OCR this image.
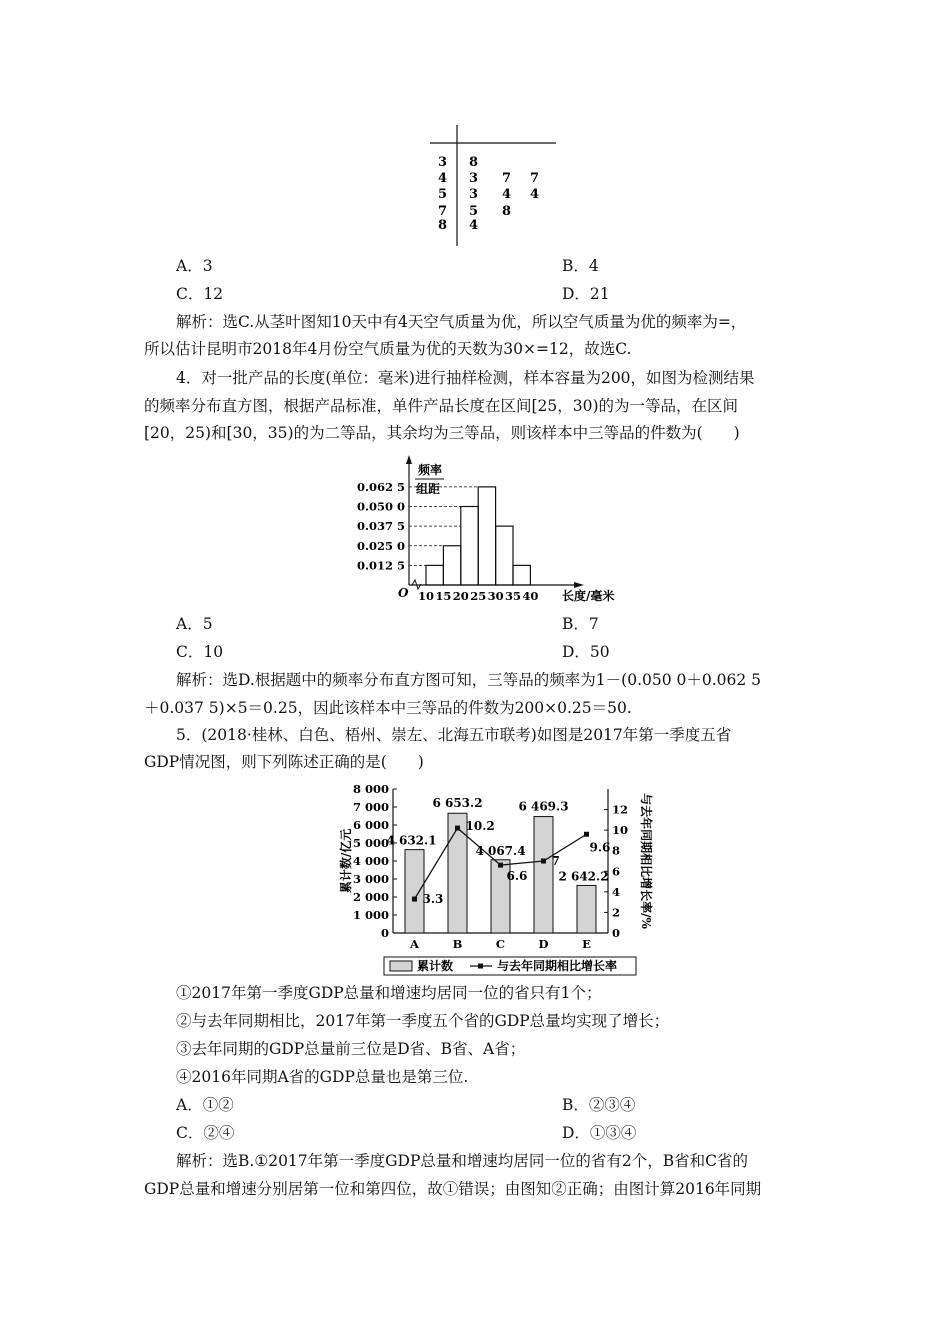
3 8
4 3 7 7
5 3 4 4
7 5 8
8 4
A．3	B．4
C．12	D．21
解析：选C.从茎叶图知10天中有4天空气质量为优，所以空气质量为优的频率为=，
所以估计昆明市2018年4月份空气质量为优的天数为30×=12，故选C.
4．对一批产品的长度(单位：毫米)进行抽样检测，样本容量为200，如图为检测结果
的频率分布直方图，根据产品标准，单件产品长度在区间[25，30)的为一等品，在区间
[20，25)和[30，35)的为二等品，其余均为三等品，则该样本中三等品的件数为(　　)
频率
组距
0.012 5
0.025 0
0.037 5
0.050 0
0.062 5
10 15 20 25 30 35 40
O	长度/毫米
A．5	B．7
C．10	D．50
解析：选D.根据题中的频率分布直方图可知，三等品的频率为1－(0.050 0＋0.062 5
＋0.037 5)×5＝0.25，因此该样本中三等品的件数为200×0.25＝50.
5．(2018·桂林、白色、梧州、崇左、北海五市联考)如图是2017年第一季度五省
GDP情况图，则下列陈述正确的是(　　)
0
1 000
2 000
3 000
4 000
5 000
6 000
7 000
8 000
0
2
4
6
8
10
12
累计数/亿元	与去年同期相比增长率/%
A	B	C	D	E
4 632.1
6 653.2
4 067.4
6 469.3
2 642.2
3.3
10.2
6.6
7
9.6
累计数	与去年同期相比增长率
①2017年第一季度GDP总量和增速均居同一位的省只有1个；
②与去年同期相比，2017年第一季度五个省的GDP总量均实现了增长；
③去年同期的GDP总量前三位是D省、B省、A省；
④2016年同期A省的GDP总量也是第三位.
A．①②	B．②③④
C．②④	D．①③④
解析：选B.①2017年第一季度GDP总量和增速均居同一位的省有2个，B省和C省的
GDP总量和增速分别居第一位和第四位，故①错误；由图知②正确；由图计算2016年同期
